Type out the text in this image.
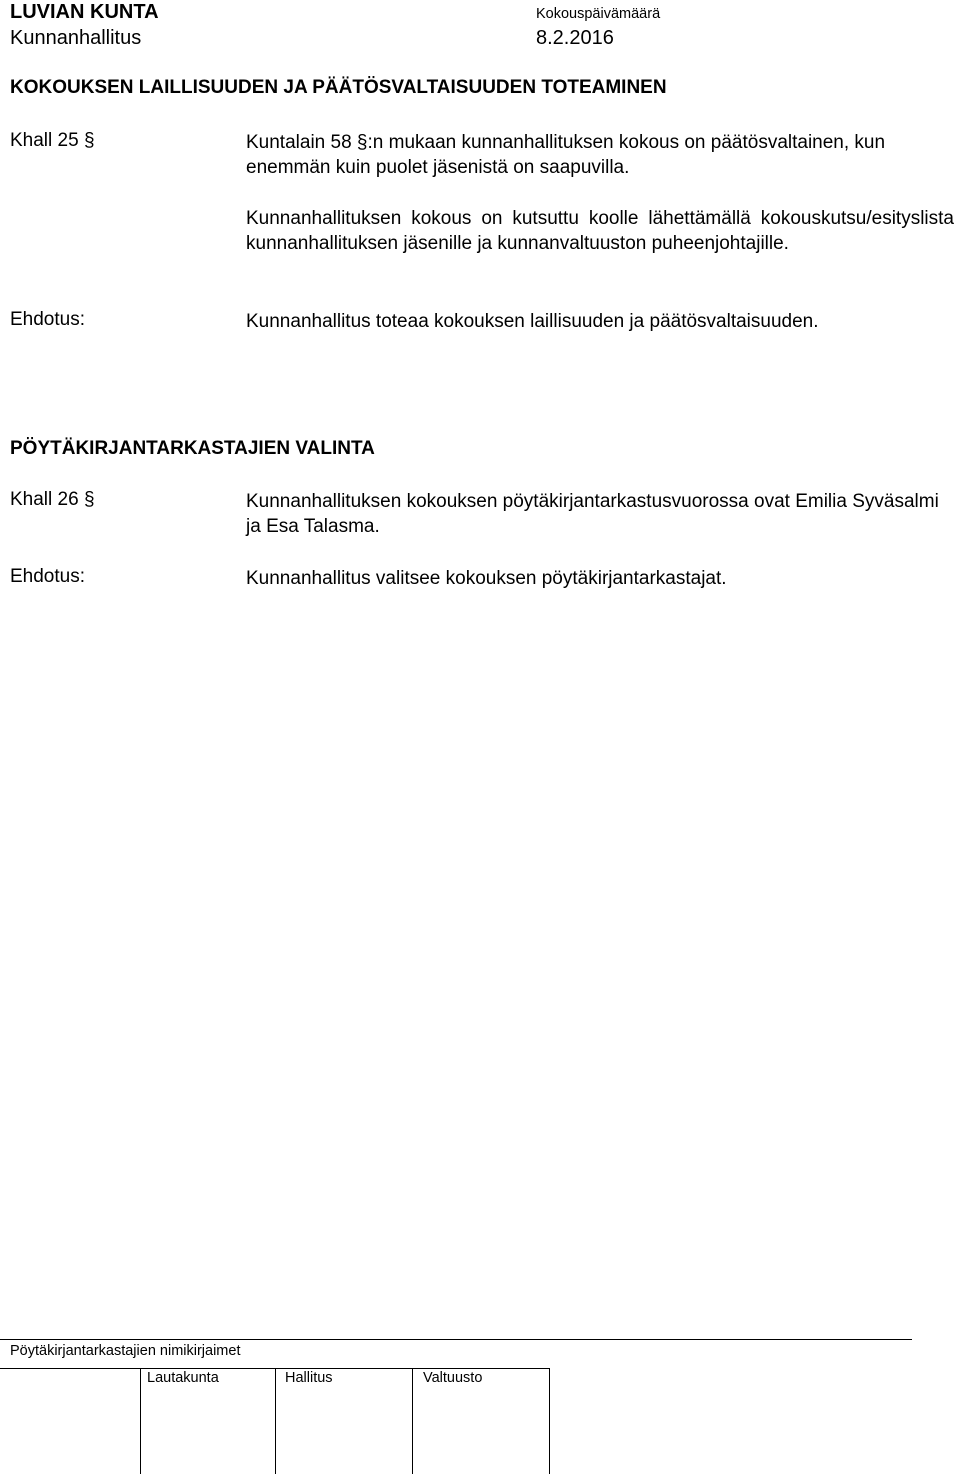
LUVIAN KUNTA
Kunnanhallitus
Kokouspäivämäärä
8.2.2016
KOKOUKSEN LAILLISUUDEN JA PÄÄTÖSVALTAISUUDEN TOTEAMINEN
Khall 25 §	Kuntalain 58 §:n mukaan kunnanhallituksen kokous on päätösvaltainen, kun enemmän kuin puolet jäsenistä on saapuvilla.
Kunnanhallituksen kokous on kutsuttu koolle lähettämällä kokouskutsu/esityslista kunnanhallituksen jäsenille ja kunnanvaltuuston puheenjohtajille.
Ehdotus:	Kunnanhallitus toteaa kokouksen laillisuuden ja päätösvaltaisuuden.
PÖYTÄKIRJANTARKASTAJIEN VALINTA
Khall 26 §	Kunnanhallituksen kokouksen pöytäkirjantarkastusvuorossa ovat Emilia Syväsalmi ja Esa Talasma.
Ehdotus:	Kunnanhallitus valitsee kokouksen pöytäkirjantarkastajat.
Pöytäkirjantarkastajien nimikirjaimet
Lautakunta	Hallitus	Valtuusto
